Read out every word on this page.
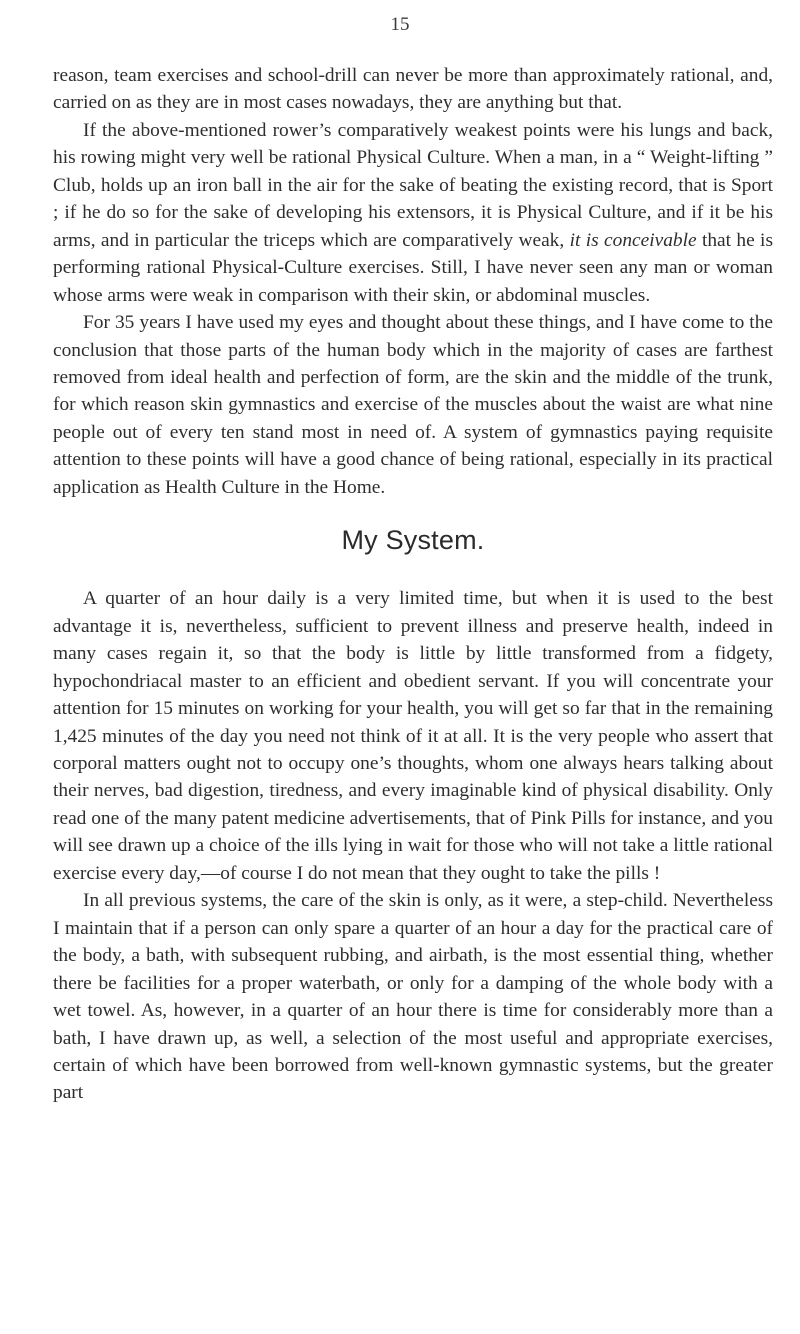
15

reason, team exercises and school-drill can never be more than approximately rational, and, carried on as they are in most cases nowadays, they are anything but that.

If the above-mentioned rower’s comparatively weakest points were his lungs and back, his rowing might very well be rational Physical Culture. When a man, in a “ Weight-lifting ” Club, holds up an iron ball in the air for the sake of beating the existing record, that is Sport ; if he do so for the sake of developing his extensors, it is Physical Culture, and if it be his arms, and in particular the triceps which are comparatively weak, it is conceivable that he is performing rational Physical-Culture exercises. Still, I have never seen any man or woman whose arms were weak in comparison with their skin, or abdominal muscles.

For 35 years I have used my eyes and thought about these things, and I have come to the conclusion that those parts of the human body which in the majority of cases are farthest removed from ideal health and perfection of form, are the skin and the middle of the trunk, for which reason skin gymnastics and exercise of the muscles about the waist are what nine people out of every ten stand most in need of. A system of gymnastics paying requisite attention to these points will have a good chance of being rational, especially in its practical application as Health Culture in the Home.

My System.

A quarter of an hour daily is a very limited time, but when it is used to the best advantage it is, nevertheless, sufficient to prevent illness and preserve health, indeed in many cases regain it, so that the body is little by little transformed from a fidgety, hypochondriacal master to an efficient and obedient servant. If you will concentrate your attention for 15 minutes on working for your health, you will get so far that in the remaining 1,425 minutes of the day you need not think of it at all. It is the very people who assert that corporal matters ought not to occupy one’s thoughts, whom one always hears talking about their nerves, bad digestion, tiredness, and every imaginable kind of physical disability. Only read one of the many patent medicine advertisements, that of Pink Pills for instance, and you will see drawn up a choice of the ills lying in wait for those who will not take a little rational exercise every day,—of course I do not mean that they ought to take the pills !

In all previous systems, the care of the skin is only, as it were, a step-child. Nevertheless I maintain that if a person can only spare a quarter of an hour a day for the practical care of the body, a bath, with subsequent rubbing, and airbath, is the most essential thing, whether there be facilities for a proper waterbath, or only for a damping of the whole body with a wet towel. As, however, in a quarter of an hour there is time for considerably more than a bath, I have drawn up, as well, a selection of the most useful and appropriate exercises, certain of which have been borrowed from well-known gymnastic systems, but the greater part
